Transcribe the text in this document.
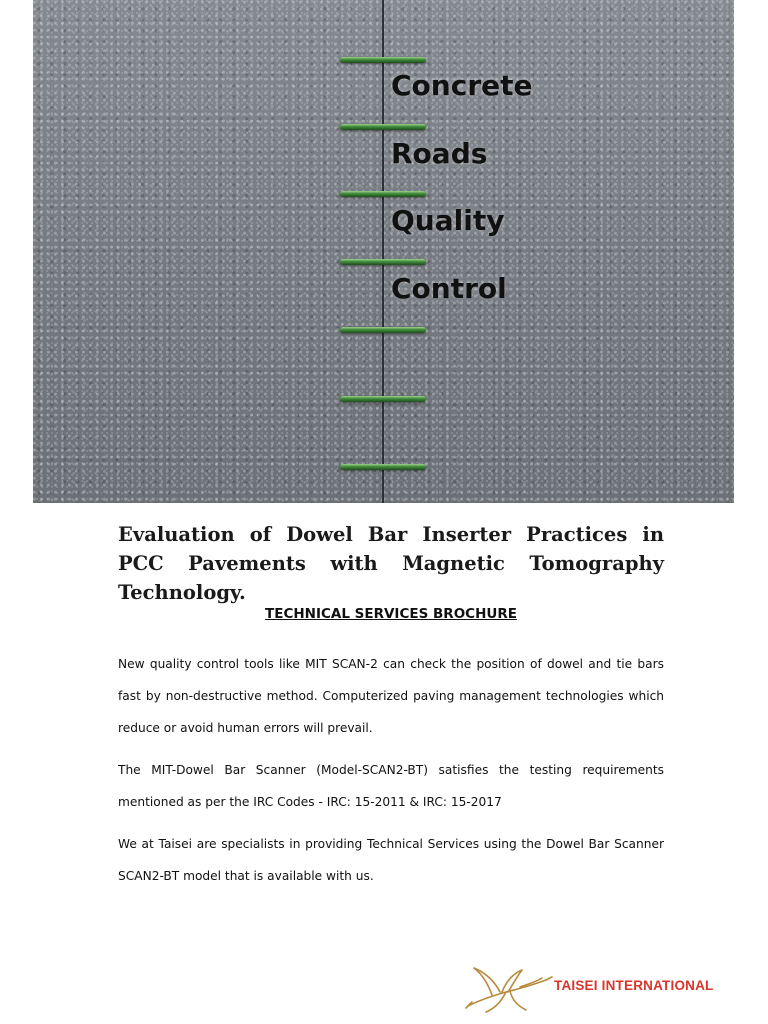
Concrete
Roads
Quality
Control
Evaluation of Dowel Bar Inserter Practices in PCC Pavements with Magnetic Tomography Technology.
TECHNICAL SERVICES BROCHURE

New quality control tools like MIT SCAN-2 can check the position of dowel and tie bars fast by non-destructive method. Computerized paving management technologies which reduce or avoid human errors will prevail.

The MIT-Dowel Bar Scanner (Model-SCAN2-BT) satisfies the testing requirements mentioned as per the IRC Codes - IRC: 15-2011 & IRC: 15-2017

We at Taisei are specialists in providing Technical Services using the Dowel Bar Scanner SCAN2-BT model that is available with us.

TAISEI INTERNATIONAL
